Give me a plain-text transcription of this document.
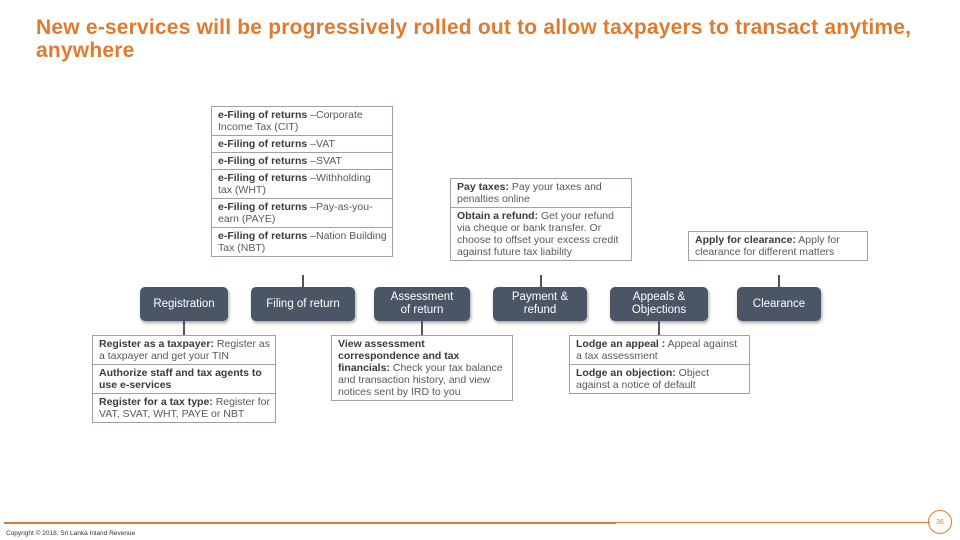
New e-services will be progressively rolled out to allow taxpayers to transact anytime, anywhere
e-Filing of returns –Corporate Income Tax (CIT)
e-Filing of returns –VAT
e-Filing of returns –SVAT
e-Filing of returns –Withholding tax (WHT)
e-Filing of returns –Pay-as-you-earn (PAYE)
e-Filing of returns –Nation Building Tax (NBT)
Pay taxes: Pay your taxes and penalties online
Obtain a refund: Get your refund via cheque or bank transfer. Or choose to offset your excess credit against future tax liability
Apply for clearance: Apply for clearance for different matters
Registration	Filing of return
Assessment of return
Payment & refund
Appeals & Objections
Clearance
Register as a taxpayer: Register as a taxpayer and get your TIN
Authorize staff and tax agents to use e-services
Register for a tax type: Register for VAT, SVAT, WHT, PAYE or NBT
View assessment correspondence and tax financials: Check your tax balance and transaction history, and view notices sent by IRD to you
Lodge an appeal : Appeal against a tax assessment
Lodge an objection: Object against a notice of default
Copyright © 2018, Sri Lanka Inland Revenue
36
